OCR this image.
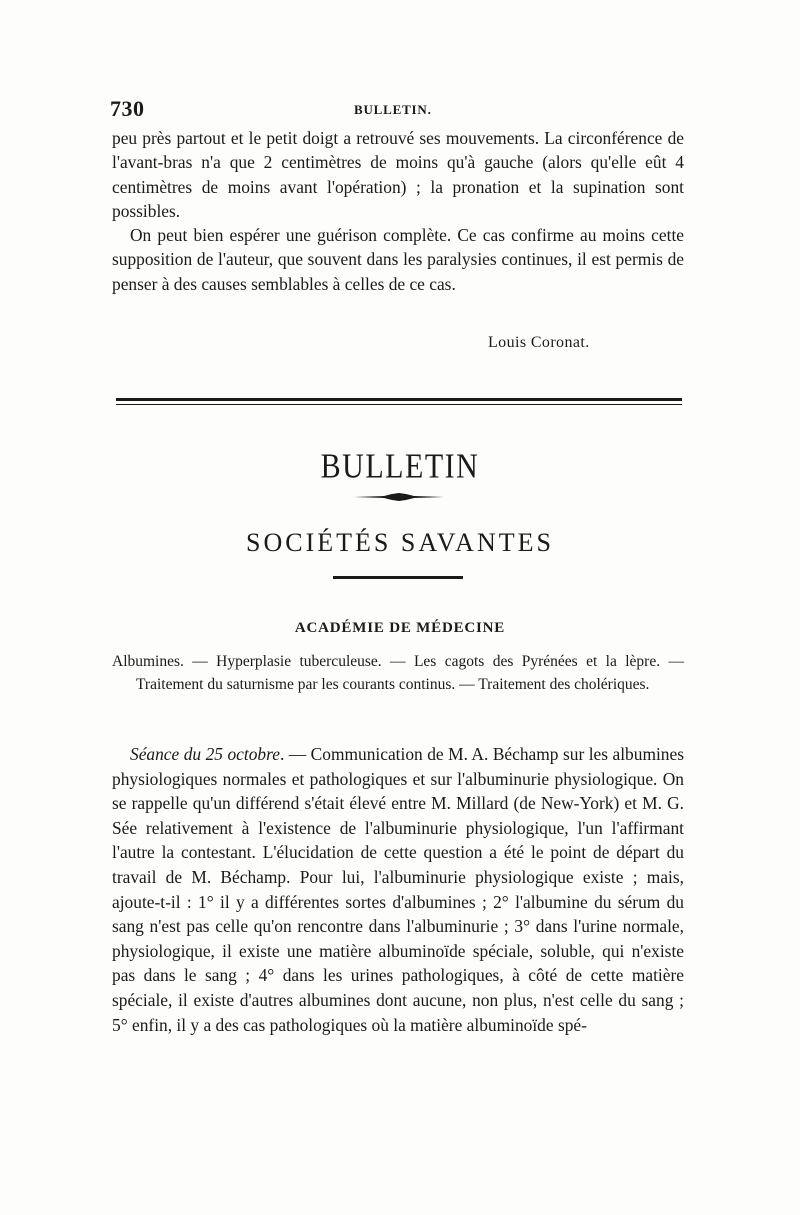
730	BULLETIN.

peu près partout et le petit doigt a retrouvé ses mouvements. La circonférence de l'avant-bras n'a que 2 centimètres de moins qu'à gauche (alors qu'elle eût 4 centimètres de moins avant l'opération) ; la pronation et la supination sont possibles.

On peut bien espérer une guérison complète. Ce cas confirme au moins cette supposition de l'auteur, que souvent dans les paralysies continues, il est permis de penser à des causes semblables à celles de ce cas.

Louis Coronat.
BULLETIN
SOCIÉTÉS SAVANTES
ACADÉMIE DE MÉDECINE
Albumines. — Hyperplasie tuberculeuse. — Les cagots des Pyrénées et la lèpre. — Traitement du saturnisme par les courants continus. — Traitement des cholériques.

Séance du 25 octobre. — Communication de M. A. Béchamp sur les albumines physiologiques normales et pathologiques et sur l'albuminurie physiologique. On se rappelle qu'un différend s'était élevé entre M. Millard (de New-York) et M. G. Sée relativement à l'existence de l'albuminurie physiologique, l'un l'affirmant l'autre la contestant. L'élucidation de cette question a été le point de départ du travail de M. Béchamp. Pour lui, l'albuminurie physiologique existe ; mais, ajoute-t-il : 1° il y a différentes sortes d'albumines ; 2° l'albumine du sérum du sang n'est pas celle qu'on rencontre dans l'albuminurie ; 3° dans l'urine normale, physiologique, il existe une matière albuminoïde spéciale, soluble, qui n'existe pas dans le sang ; 4° dans les urines pathologiques, à côté de cette matière spéciale, il existe d'autres albumines dont aucune, non plus, n'est celle du sang ; 5° enfin, il y a des cas pathologiques où la matière albuminoïde spé-
